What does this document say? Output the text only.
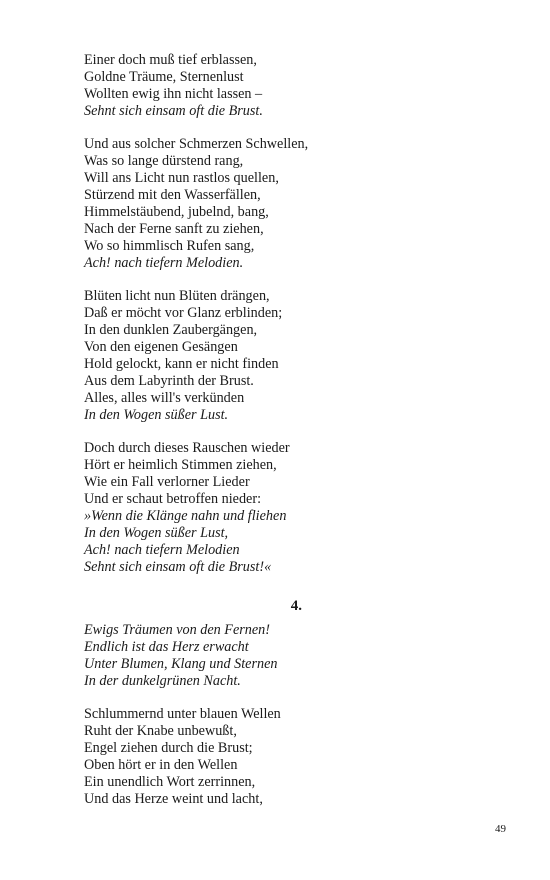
Einer doch muß tief erblassen,
Goldne Träume, Sternenlust
Wollten ewig ihn nicht lassen –
Sehnt sich einsam oft die Brust.
Und aus solcher Schmerzen Schwellen,
Was so lange dürstend rang,
Will ans Licht nun rastlos quellen,
Stürzend mit den Wasserfällen,
Himmelstäubend, jubelnd, bang,
Nach der Ferne sanft zu ziehen,
Wo so himmlisch Rufen sang,
Ach! nach tiefern Melodien.
Blüten licht nun Blüten drängen,
Daß er möcht vor Glanz erblinden;
In den dunklen Zaubergängen,
Von den eigenen Gesängen
Hold gelockt, kann er nicht finden
Aus dem Labyrinth der Brust.
Alles, alles will's verkünden
In den Wogen süßer Lust.
Doch durch dieses Rauschen wieder
Hört er heimlich Stimmen ziehen,
Wie ein Fall verlorner Lieder
Und er schaut betroffen nieder:
»Wenn die Klänge nahn und fliehen
In den Wogen süßer Lust,
Ach! nach tiefern Melodien
Sehnt sich einsam oft die Brust!«
4.
Ewigs Träumen von den Fernen!
Endlich ist das Herz erwacht
Unter Blumen, Klang und Sternen
In der dunkelgrünen Nacht.
Schlummernd unter blauen Wellen
Ruht der Knabe unbewußt,
Engel ziehen durch die Brust;
Oben hört er in den Wellen
Ein unendlich Wort zerrinnen,
Und das Herze weint und lacht,
49
